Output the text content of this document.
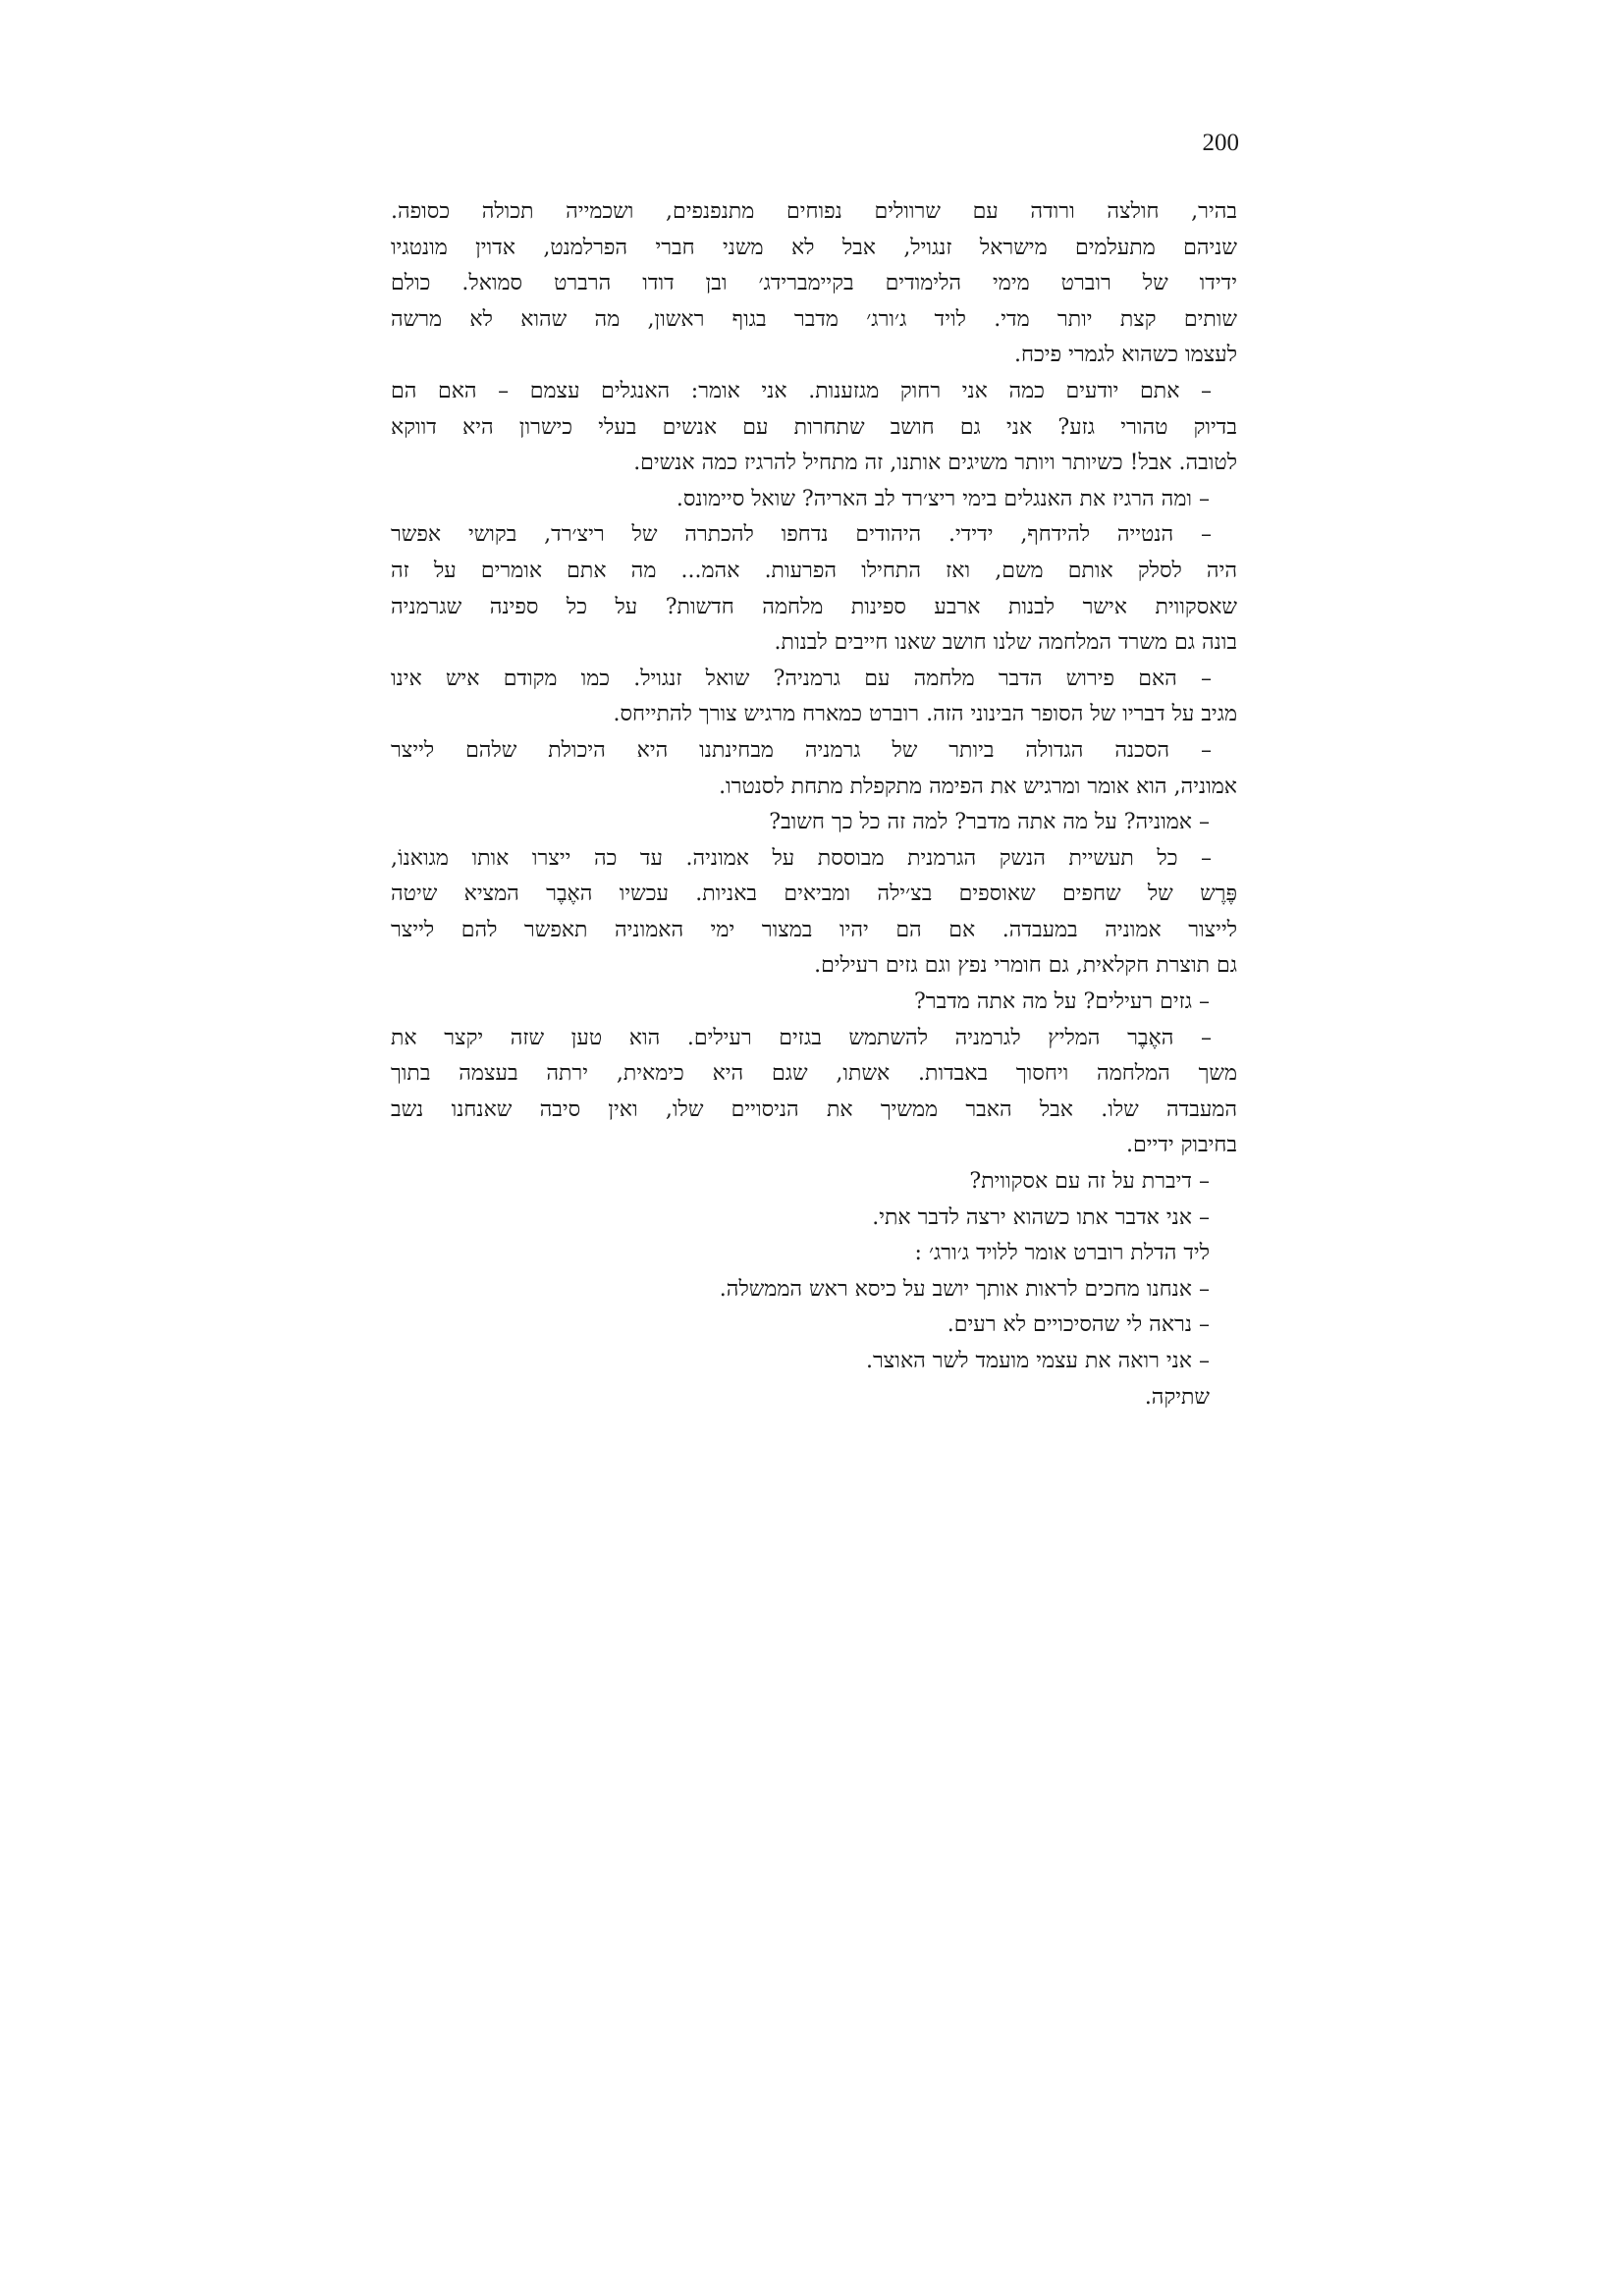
200
בהיר, חולצה ורודה עם שרוולים נפוחים מתנפנפים, ושכמייה תכולה כסופה.
שניהם מתעלמים מישראל זנגויל, אבל לא משני חברי הפרלמנט, אדוין מונטגיו
ידידו של רוברט מימי הלימודים בקיימברידג׳ ובן דודו הרברט סמואל. כולם
שותים קצת יותר מדי. לויד ג׳ורג׳ מדבר בגוף ראשון, מה שהוא לא מרשה
לעצמו כשהוא לגמרי פיכח.
– אתם יודעים כמה אני רחוק מגזענות. אני אומר: האנגלים עצמם – האם הם
בדיוק טהורי גזע? אני גם חושב שתחרות עם אנשים בעלי כישרון היא דווקא
לטובה. אבל! כשיותר ויותר משיגים אותנו, זה מתחיל להרגיז כמה אנשים.
– ומה הרגיז את האנגלים בימי ריצ׳רד לב האריה? שואל סיימונס.
– הנטייה להידחף, ידידי. היהודים נדחפו להכתרה של ריצ׳רד, בקושי אפשר
היה לסלק אותם משם, ואז התחילו הפרעות. אהמ... מה אתם אומרים על זה
שאסקווית אישר לבנות ארבע ספינות מלחמה חדשות? על כל ספינה שגרמניה
בונה גם משרד המלחמה שלנו חושב שאנו חייבים לבנות.
– האם פירוש הדבר מלחמה עם גרמניה? שואל זנגויל. כמו מקודם איש אינו
מגיב על דבריו של הסופר הבינוני הזה. רוברט כמארח מרגיש צורך להתייחס.
– הסכנה הגדולה ביותר של גרמניה מבחינתנו היא היכולת שלהם לייצר
אמוניה, הוא אומר ומרגיש את הפימה מתקפלת מתחת לסנטרו.
– אמוניה? על מה אתה מדבר? למה זה כל כך חשוב?
– כל תעשיית הנשק הגרמנית מבוססת על אמוניה. עד כה ייצרו אותו מגואנוֹ,
פֶּרֶש של שחפים שאוספים בצ׳ילה ומביאים באניות. עכשיו האֶבֶר המציא שיטה
לייצור אמוניה במעבדה. אם הם יהיו במצור ימי האמוניה תאפשר להם לייצר
גם תוצרת חקלאית, גם חומרי נפץ וגם גזים רעילים.
– גזים רעילים? על מה אתה מדבר?
– האֶבֶר המליץ לגרמניה להשתמש בגזים רעילים. הוא טען שזה יקצר את
משך המלחמה ויחסוך באבדות. אשתו, שגם היא כימאית, ירתה בעצמה בתוך
המעבדה שלו. אבל האבר ממשיך את הניסויים שלו, ואין סיבה שאנחנו נשב
בחיבוק ידיים.
– דיברת על זה עם אסקווית?
– אני אדבר אתו כשהוא ירצה לדבר אתי.
ליד הדלת רוברט אומר ללויד ג׳ורג׳ :
– אנחנו מחכים לראות אותך יושב על כיסא ראש הממשלה.
– נראה לי שהסיכויים לא רעים.
– אני רואה את עצמי מועמד לשר האוצר.
שתיקה.
